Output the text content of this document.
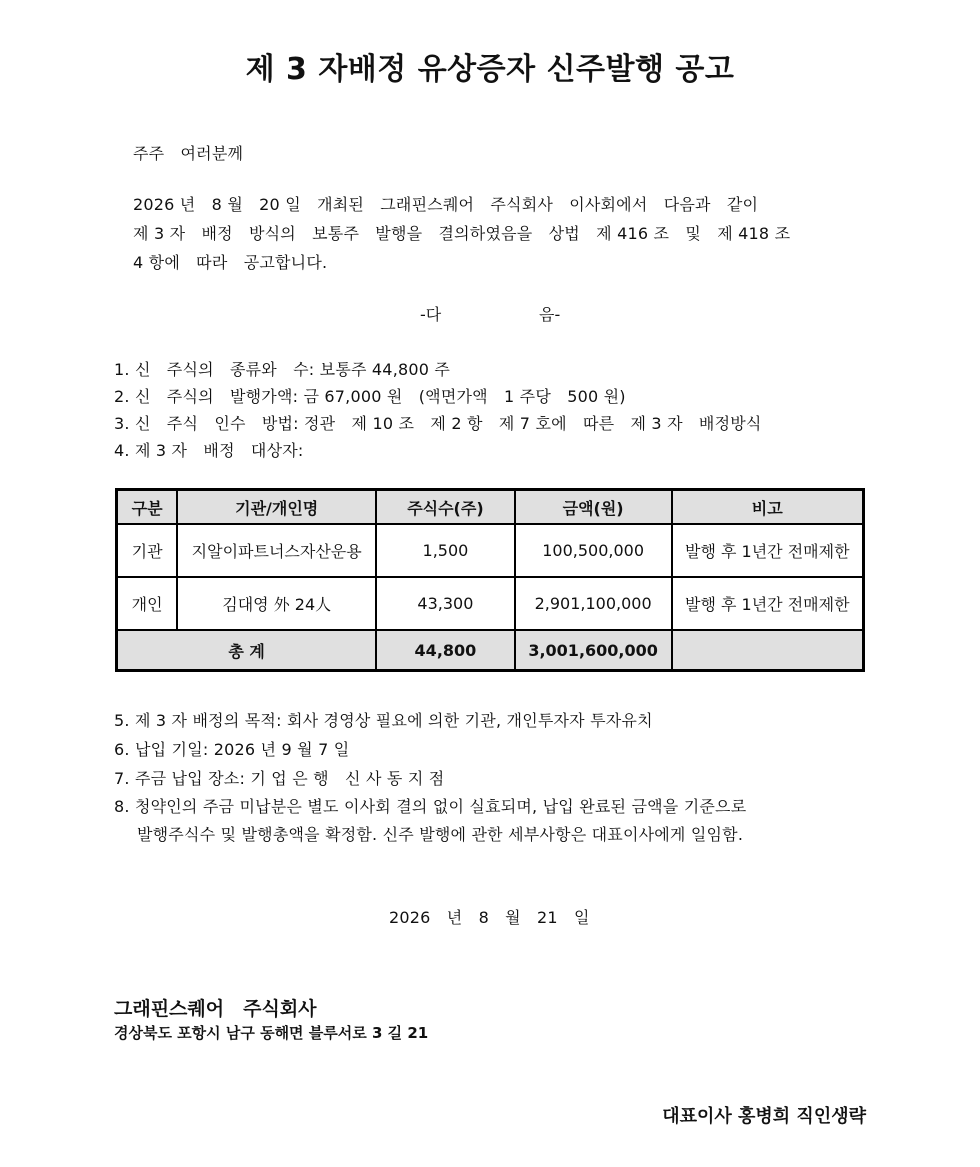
제 3 자배정 유상증자 신주발행 공고
주주　여러분께
2026 년　8 월　20 일　개최된　그래핀스퀘어　주식회사　이사회에서　다음과　같이
제 3 자　배정　방식의　보통주　발행을　결의하였음을　상법　제 416 조　및　제 418 조
4 항에　따라　공고합니다.
-다	음-
1. 신　주식의　종류와　수: 보통주 44,800 주
2. 신　주식의　발행가액: 금 67,000 원　(액면가액　1 주당　500 원)
3. 신　주식　인수　방법: 정관　제 10 조　제 2 항　제 7 호에　따른　제 3 자　배정방식
4. 제 3 자　배정　대상자:
구분	기관/개인명	주식수(주)	금액(원)	비고
기관	지알이파트너스자산운용	1,500	100,500,000	발행 후 1년간 전매제한
개인	김대영 外 24人	43,300	2,901,100,000	발행 후 1년간 전매제한
총 계		44,800	3,001,600,000	
5. 제 3 자 배정의 목적: 회사 경영상 필요에 의한 기관, 개인투자자 투자유치
6. 납입 기일: 2026 년 9 월 7 일
7. 주금 납입 장소: 기 업 은 행　신 사 동 지 점
8. 청약인의 주금 미납분은 별도 이사회 결의 없이 실효되며, 납입 완료된 금액을 기준으로
발행주식수 및 발행총액을 확정함. 신주 발행에 관한 세부사항은 대표이사에게 일임함.
2026　년　8　월　21　일
그래핀스퀘어　주식회사
경상북도 포항시 남구 동해면 블루서로 3 길 21
대표이사 홍병희 직인생략
